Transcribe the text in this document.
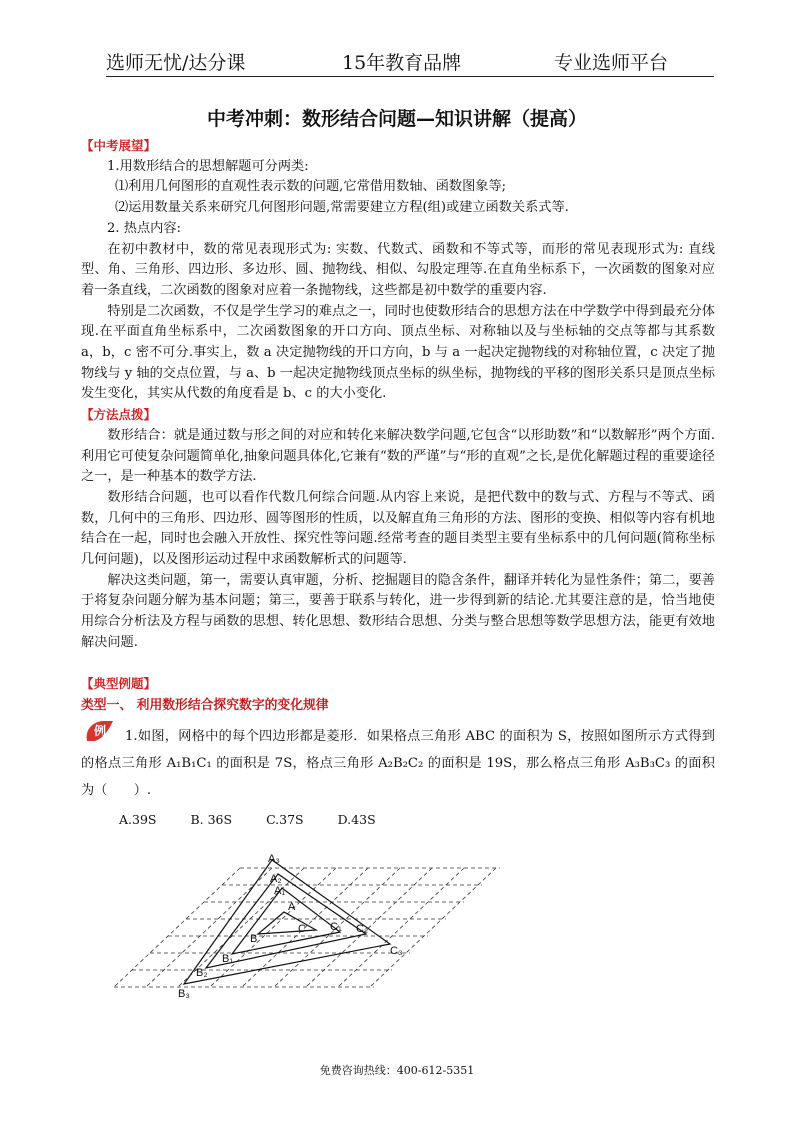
选师无忧/达分课	15年教育品牌	专业选师平台
中考冲刺：数形结合问题—知识讲解（提高）
【中考展望】

1.用数形结合的思想解题可分两类:

⑴利用几何图形的直观性表示数的问题,它常借用数轴、函数图象等;

⑵运用数量关系来研究几何图形问题,常需要建立方程(组)或建立函数关系式等.

2. 热点内容:

在初中教材中，数的常见表现形式为: 实数、代数式、函数和不等式等，而形的常见表现形式为: 直线型、角、三角形、四边形、多边形、圆、抛物线、相似、勾股定理等.在直角坐标系下，一次函数的图象对应着一条直线，二次函数的图象对应着一条抛物线，这些都是初中数学的重要内容.

特别是二次函数，不仅是学生学习的难点之一，同时也使数形结合的思想方法在中学数学中得到最充分体现.在平面直角坐标系中，二次函数图象的开口方向、顶点坐标、对称轴以及与坐标轴的交点等都与其系数 a，b，c 密不可分.事实上，数 a 决定抛物线的开口方向，b 与 a 一起决定抛物线的对称轴位置，c 决定了抛物线与 y 轴的交点位置，与 a、b 一起决定抛物线顶点坐标的纵坐标，抛物线的平移的图形关系只是顶点坐标发生变化，其实从代数的角度看是 b、c 的大小变化.

【方法点拨】

数形结合：就是通过数与形之间的对应和转化来解决数学问题,它包含“以形助数”和“以数解形”两个方面.利用它可使复杂问题简单化,抽象问题具体化,它兼有“数的严谨”与“形的直观”之长,是优化解题过程的重要途径之一，是一种基本的数学方法.

数形结合问题，也可以看作代数几何综合问题.从内容上来说，是把代数中的数与式、方程与不等式、函数，几何中的三角形、四边形、圆等图形的性质，以及解直角三角形的方法、图形的变换、相似等内容有机地结合在一起，同时也会融入开放性、探究性等问题.经常考查的题目类型主要有坐标系中的几何问题(简称坐标几何问题)，以及图形运动过程中求函数解析式的问题等.

解决这类问题，第一，需要认真审题，分析、挖掘题目的隐含条件，翻译并转化为显性条件；第二，要善于将复杂问题分解为基本问题；第三，要善于联系与转化，进一步得到新的结论.尤其要注意的是，恰当地使用综合分析法及方程与函数的思想、转化思想、数形结合思想、分类与整合思想等数学思想方法，能更有效地解决问题.

【典型例题】
类型一、 利用数形结合探究数字的变化规律
例	1.如图，网格中的每个四边形都是菱形．如果格点三角形 ABC 的面积为 S，按照如图所示方式得到的格点三角形 A₁B₁C₁ 的面积是 7S，格点三角形 A₂B₂C₂ 的面积是 19S，那么格点三角形 A₃B₃C₃ 的面积为（　　）.

A.39S	B. 36S	C.37S	D.43S
A
B
C
A₁
B₁
C₁
A₂
B₂
C₂
A₃
B₃
C₃
免费咨询热线：400-612-5351
